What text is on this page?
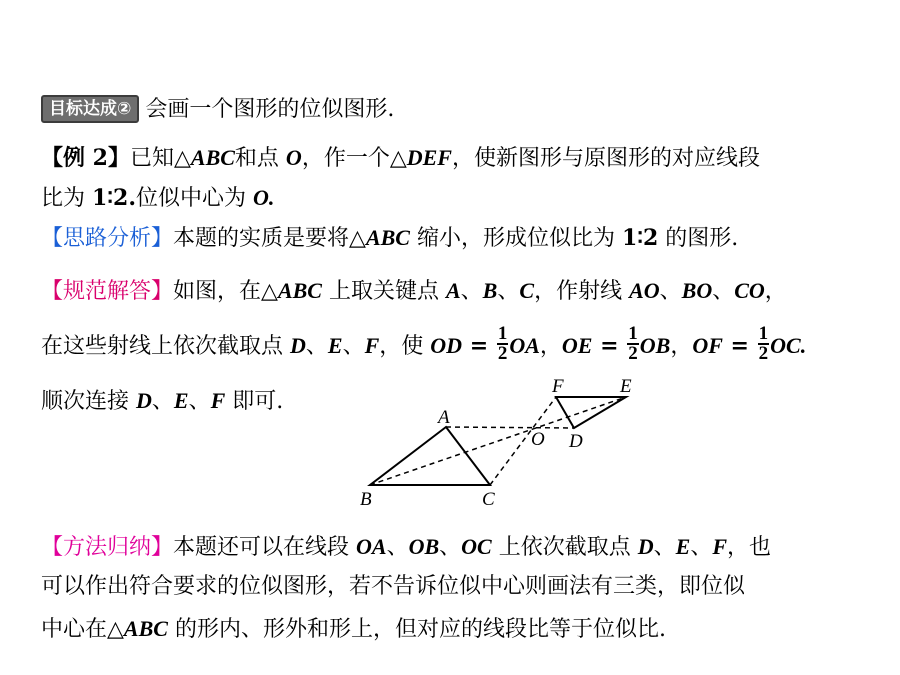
目标达成② 会画一个图形的位似图形.
【例 2】已知△ABC和点 O，作一个△DEF，使新图形与原图形的对应线段
比为 1∶2.位似中心为 O.
【思路分析】本题的实质是要将△ABC 缩小，形成位似比为 1∶2 的图形.
【规范解答】如图，在△ABC 上取关键点 A、B、C，作射线 AO、BO、CO，
在这些射线上依次截取点 D、E、F，使 OD = $\frac{1}{2}$ OA，OE = $\frac{1}{2}$ OB，OF = $\frac{1}{2}$ OC.
顺次连接 D、E、F 即可.
A
B	C
O D
E
F
【方法归纳】本题还可以在线段 OA、OB、OC 上依次截取点 D、E、F，也
可以作出符合要求的位似图形，若不告诉位似中心则画法有三类，即位似
中心在△ABC 的形内、形外和形上，但对应的线段比等于位似比.
